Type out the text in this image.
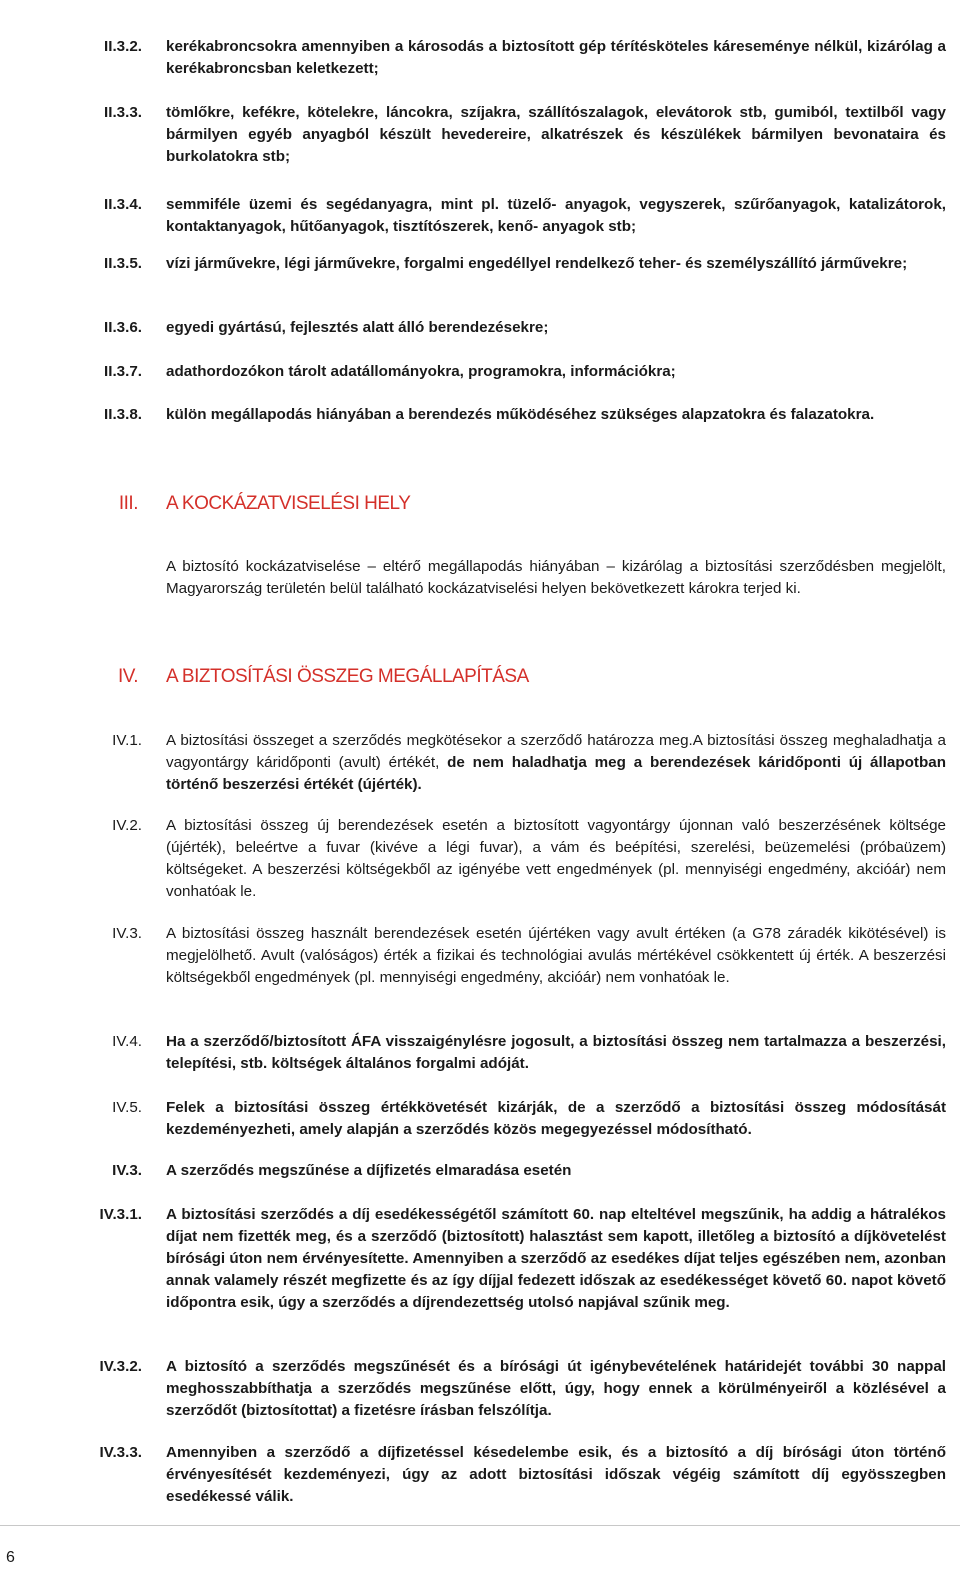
II.3.2. kerékabroncsokra amennyiben a károsodás a biztosított gép térítésköteles káreseménye nélkül, kizárólag a kerékabroncsban keletkezett;
II.3.3. tömlőkre, kefékre, kötelekre, láncokra, szíjakra, szállítószalagok, elevátorok stb, gumiból, textilből vagy bármilyen egyéb anyagból készült hevedereire, alkatrészek és készülékek bármilyen bevonataira és burkolatokra stb;
II.3.4. semmiféle üzemi és segédanyagra, mint pl. tüzelő- anyagok, vegyszerek, szűrőanyagok, katalizátorok, kontaktanyagok, hűtőanyagok, tisztítószerek, kenő- anyagok stb;
II.3.5. vízi járművekre, légi járművekre, forgalmi engedéllyel rendelkező teher- és személyszállító járművekre;
II.3.6. egyedi gyártású, fejlesztés alatt álló berendezésekre;
II.3.7. adathordozókon tárolt adatállományokra, programokra, információkra;
II.3.8. külön megállapodás hiányában a berendezés működéséhez szükséges alapzatokra és falazatokra.
III. A KOCKÁZATVISELÉSI HELY
A biztosító kockázatviselése – eltérő megállapodás hiányában – kizárólag a biztosítási szerződésben megjelölt, Magyarország területén belül található kockázatviselési helyen bekövetkezett károkra terjed ki.
IV. A BIZTOSÍTÁSI ÖSSZEG MEGÁLLAPÍTÁSA
IV.1. A biztosítási összeget a szerződés megkötésekor a szerződő határozza meg.A biztosítási összeg meghaladhatja a vagyontárgy káridőponti (avult) értékét, de nem haladhatja meg a berendezések káridőponti új állapotban történő beszerzési értékét (újérték).
IV.2. A biztosítási összeg új berendezések esetén a biztosított vagyontárgy újonnan való beszerzésének költsége (újérték), beleértve a fuvar (kivéve a légi fuvar), a vám és beépítési, szerelési, beüzemelési (próbaüzem) költségeket. A beszerzési költségekből az igényébe vett engedmények (pl. mennyiségi engedmény, akcióár) nem vonhatóak le.
IV.3. A biztosítási összeg használt berendezések esetén újértéken vagy avult értéken (a G78 záradék kikötésével) is megjelölhető. Avult (valóságos) érték a fizikai és technológiai avulás mértékével csökkentett új érték. A beszerzési költségekből engedmények (pl. mennyiségi engedmény, akcióár) nem vonhatóak le.
IV.4. Ha a szerződő/biztosított ÁFA visszaigénylésre jogosult, a biztosítási összeg nem tartalmazza a beszerzési, telepítési, stb. költségek általános forgalmi adóját.
IV.5. Felek a biztosítási összeg értékkövetését kizárják, de a szerződő a biztosítási összeg módosítását kezdeményezheti, amely alapján a szerződés közös megegyezéssel módosítható.
IV.3. A szerződés megszűnése a díjfizetés elmaradása esetén
IV.3.1. A biztosítási szerződés a díj esedékességétől számított 60. nap elteltével megszűnik, ha addig a hátralékos díjat nem fizették meg, és a szerződő (biztosított) halasztást sem kapott, illetőleg a biztosító a díjkövetelést bírósági úton nem érvényesítette. Amennyiben a szerződő az esedékes díjat teljes egészében nem, azonban annak valamely részét megfizette és az így díjjal fedezett időszak az esedékességet követő 60. napot követő időpontra esik, úgy a szerződés a díjrendezettség utolsó napjával szűnik meg.
IV.3.2. A biztosító a szerződés megszűnését és a bírósági út igénybevételének határidejét további 30 nappal meghosszabbíthatja a szerződés megszűnése előtt, úgy, hogy ennek a körülményeiről a közlésével a szerződőt (biztosítottat) a fizetésre írásban felszólítja.
IV.3.3. Amennyiben a szerződő a díjfizetéssel késedelembe esik, és a biztosító a díj bírósági úton történő érvényesítését kezdeményezi, úgy az adott biztosítási időszak végéig számított díj egyösszegben esedékessé válik.
6
